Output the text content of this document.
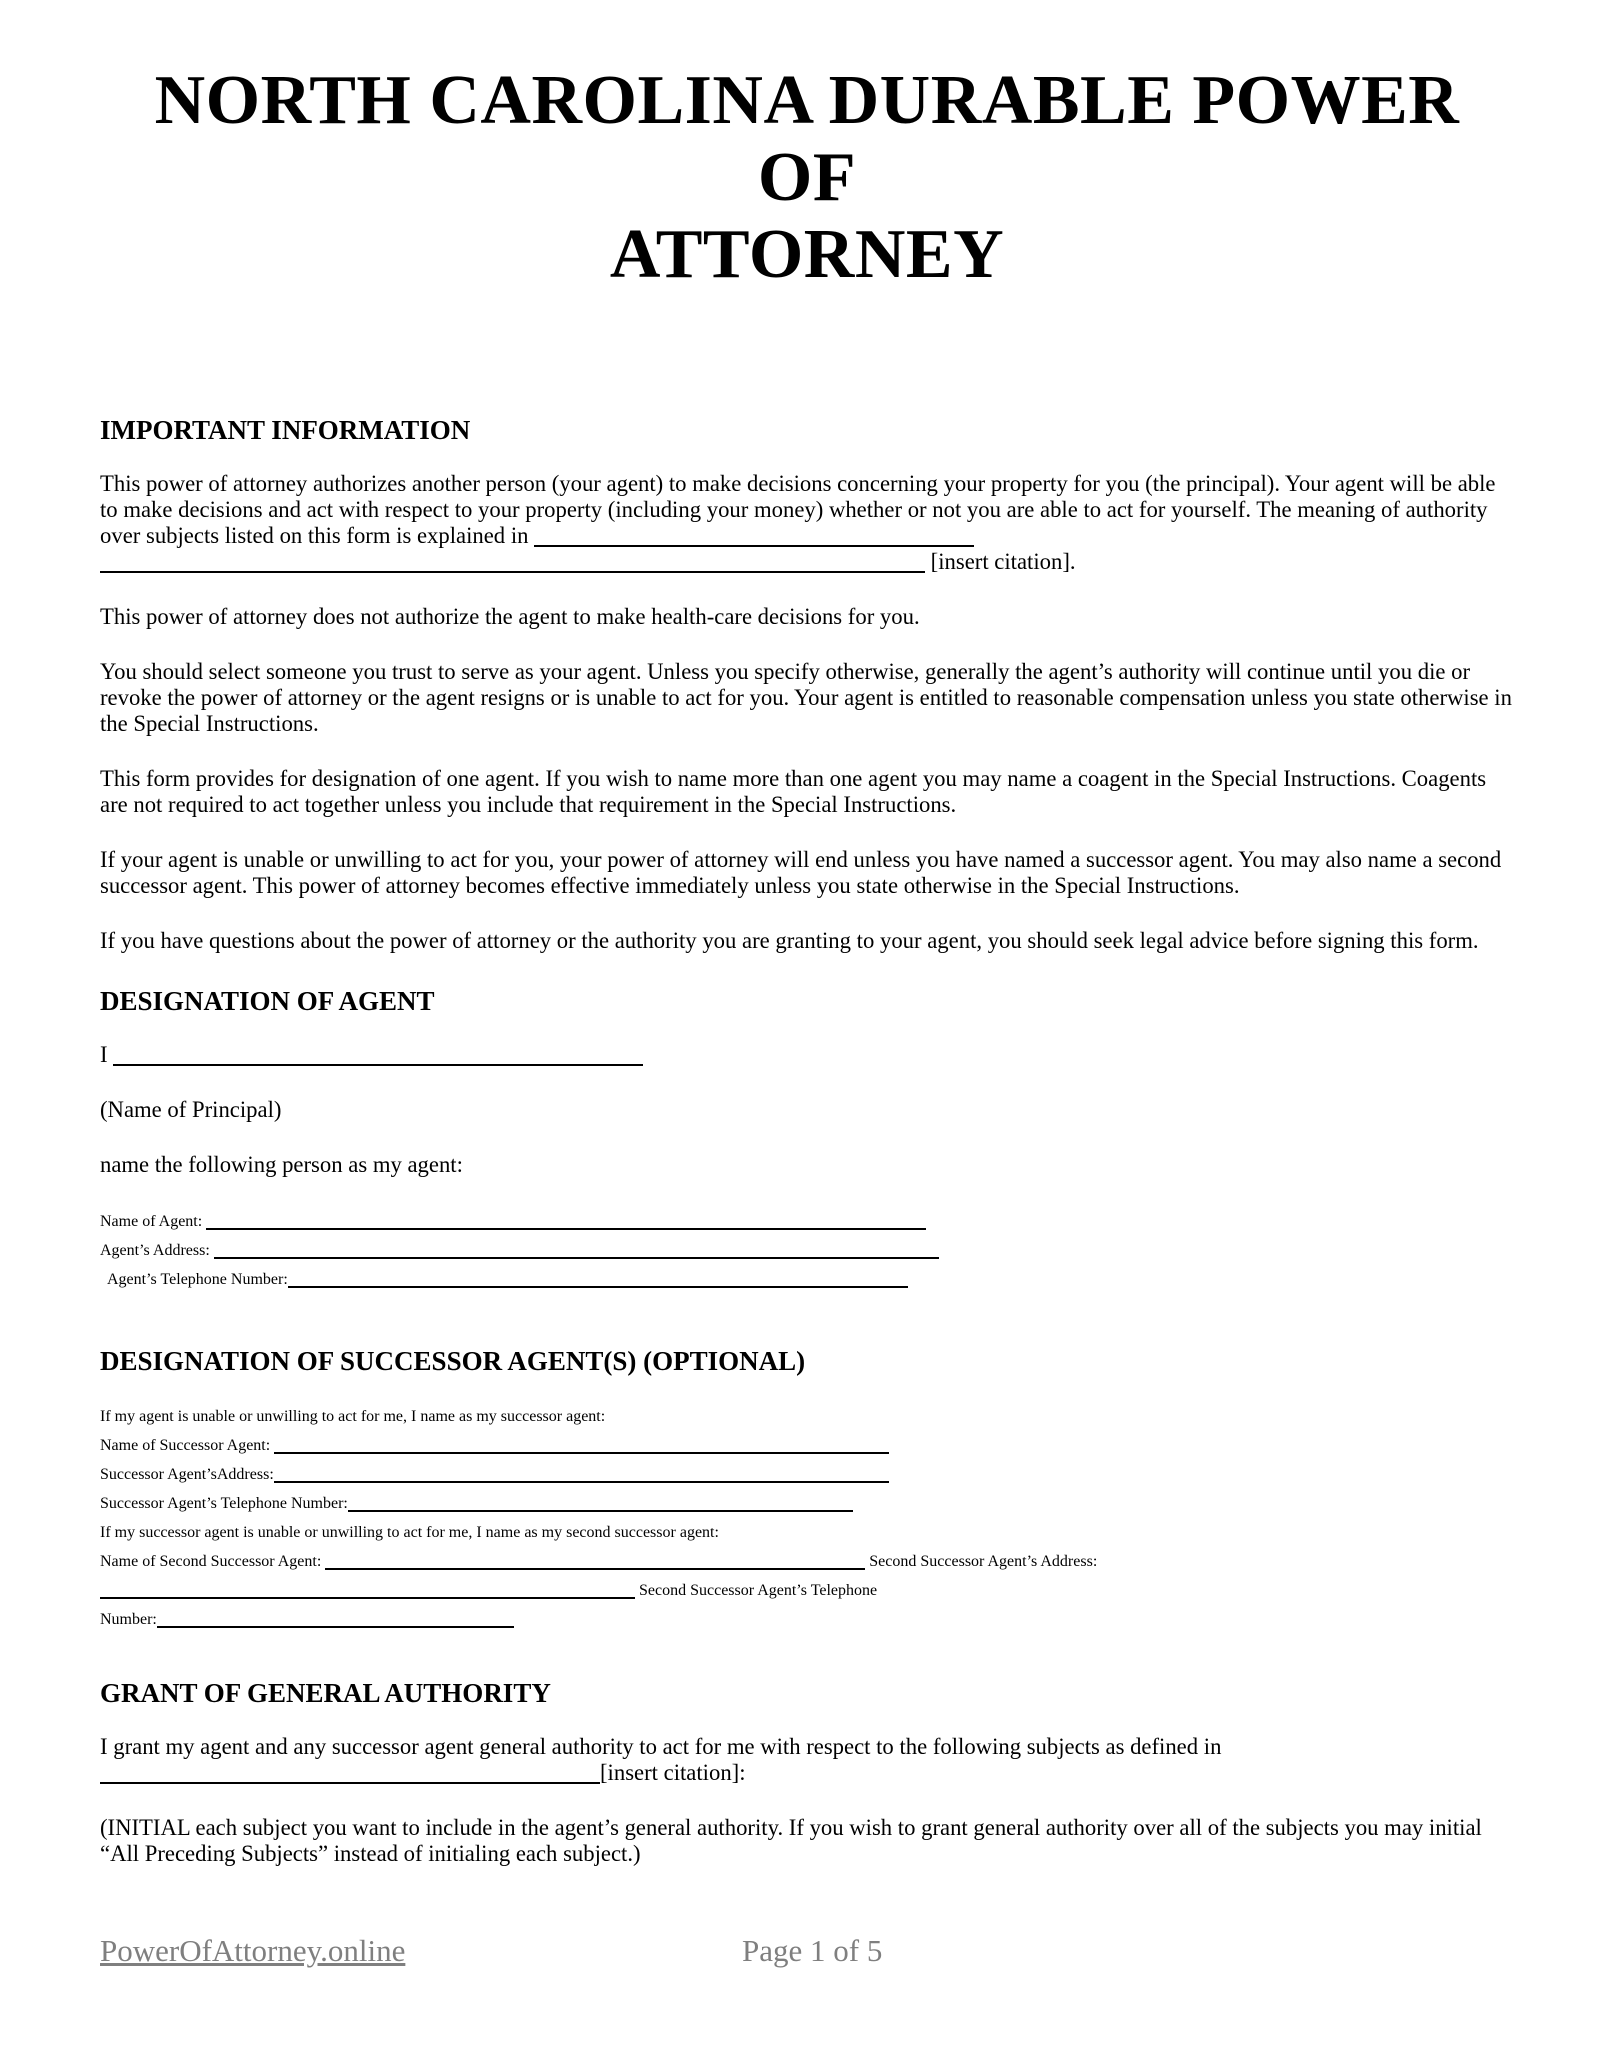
NORTH CAROLINA DURABLE POWER OF
ATTORNEY
IMPORTANT INFORMATION

This power of attorney authorizes another person (your agent) to make decisions concerning your property for you (the principal). Your agent will be able to make decisions and act with respect to your property (including your money) whether or not you are able to act for yourself. The meaning of authority over subjects listed on this form is explained in
[insert citation].

This power of attorney does not authorize the agent to make health-care decisions for you.

You should select someone you trust to serve as your agent. Unless you specify otherwise, generally the agent’s authority will continue until you die or revoke the power of attorney or the agent resigns or is unable to act for you. Your agent is entitled to reasonable compensation unless you state otherwise in the Special Instructions.

This form provides for designation of one agent. If you wish to name more than one agent you may name a coagent in the Special Instructions. Coagents are not required to act together unless you include that requirement in the Special Instructions.

If your agent is unable or unwilling to act for you, your power of attorney will end unless you have named a successor agent. You may also name a second successor agent. This power of attorney becomes effective immediately unless you state otherwise in the Special Instructions.

If you have questions about the power of attorney or the authority you are granting to your agent, you should seek legal advice before signing this form.

DESIGNATION OF AGENT

I

(Name of Principal)

name the following person as my agent:

Name of Agent:
Agent’s Address:
Agent’s Telephone Number:
DESIGNATION OF SUCCESSOR AGENT(S) (OPTIONAL)
If my agent is unable or unwilling to act for me, I name as my successor agent:
Name of Successor Agent:
Successor Agent’sAddress:
Successor Agent’s Telephone Number:
If my successor agent is unable or unwilling to act for me, I name as my second successor agent:
Name of Second Successor Agent:	Second Successor Agent’s Address:
Second Successor Agent’s Telephone
Number:
GRANT OF GENERAL AUTHORITY

I grant my agent and any successor agent general authority to act for me with respect to the following subjects as defined in
[insert citation]:

(INITIAL each subject you want to include in the agent’s general authority. If you wish to grant general authority over all of the subjects you may initial “All Preceding Subjects” instead of initialing each subject.)

PowerOfAttorney.online	Page 1 of 5
